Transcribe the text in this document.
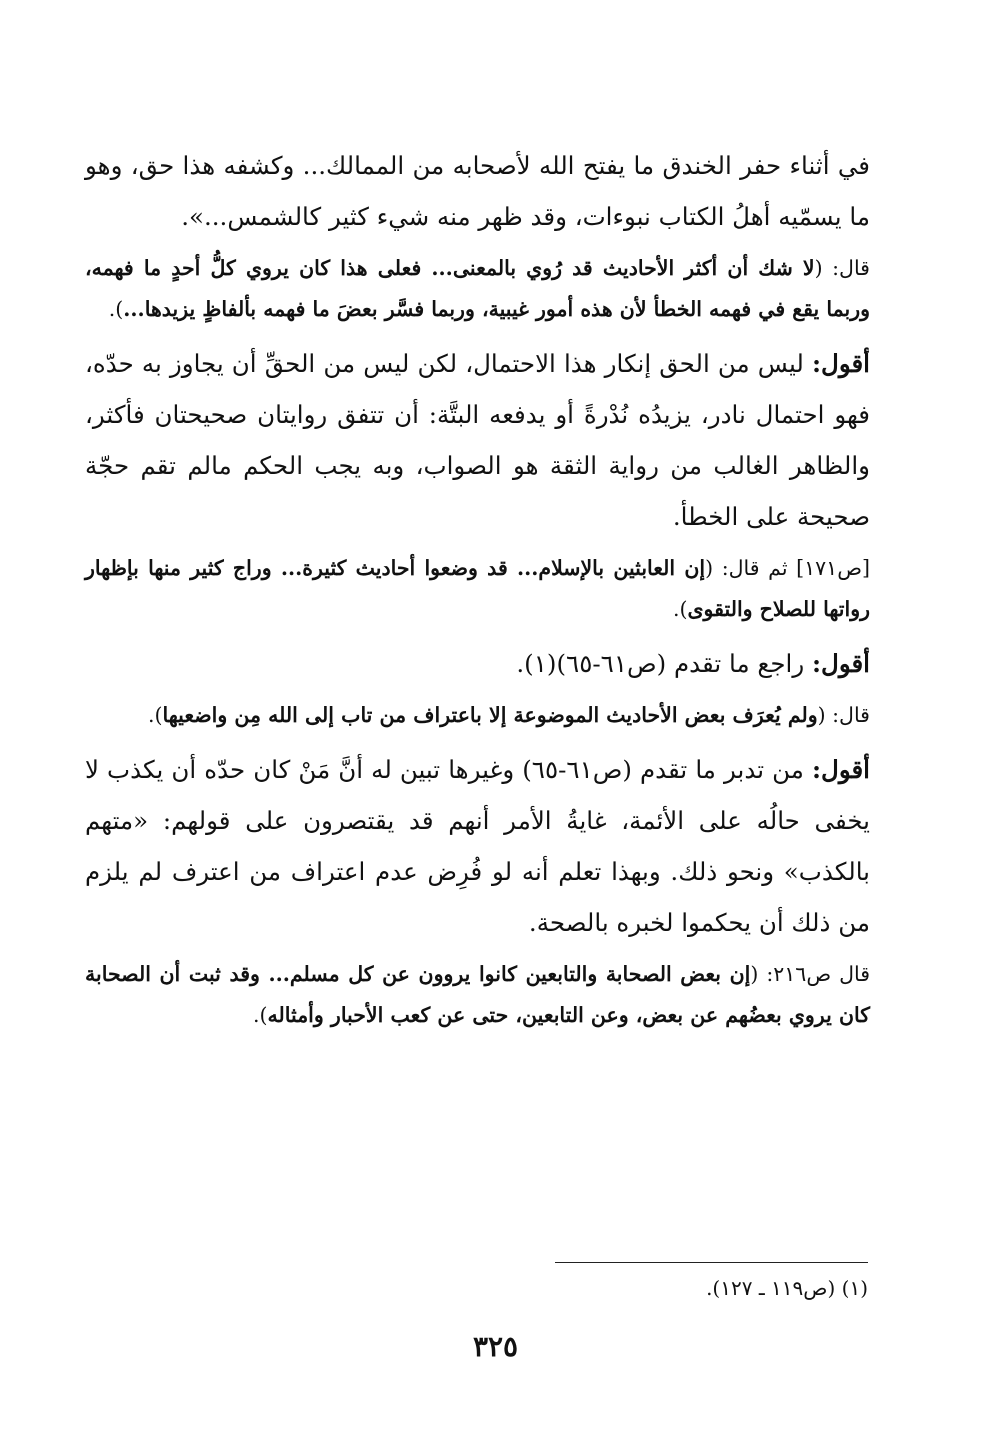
في أثناء حفر الخندق ما يفتح الله لأصحابه من الممالك... وكشفه هذا حق، وهو ما يسمّيه أهلُ الكتاب نبوءات، وقد ظهر منه شيء كثير كالشمس...».

قال: (لا شك أن أكثر الأحاديث قد رُوي بالمعنى... فعلى هذا كان يروي كلُّ أحدٍ ما فهمه، وربما يقع في فهمه الخطأ لأن هذه أمور غيبية، وربما فسَّر بعضَ ما فهمه بألفاظٍ يزيدها...).

أقول: ليس من الحق إنكار هذا الاحتمال، لكن ليس من الحقِّ أن يجاوز به حدّه، فهو احتمال نادر، يزيدُه نُدْرةً أو يدفعه البتَّة: أن تتفق روايتان صحيحتان فأكثر، والظاهر الغالب من رواية الثقة هو الصواب، وبه يجب الحكم مالم تقم حجّة صحيحة على الخطأ.

[ص١٧١] ثم قال: (إن العابثين بالإسلام... قد وضعوا أحاديث كثيرة... وراج كثير منها بإظهار رواتها للصلاح والتقوى).

أقول: راجع ما تقدم (ص٦١-٦٥)(١).

قال: (ولم يُعرَف بعض الأحاديث الموضوعة إلا باعتراف من تاب إلى الله مِن واضعيها).

أقول: من تدبر ما تقدم (ص٦١-٦٥) وغيرها تبين له أنَّ مَنْ كان حدّه أن يكذب لا يخفى حالُه على الأئمة، غايةُ الأمر أنهم قد يقتصرون على قولهم: «متهم بالكذب» ونحو ذلك. وبهذا تعلم أنه لو فُرِض عدم اعتراف من اعترف لم يلزم من ذلك أن يحكموا لخبره بالصحة.

قال ص٢١٦: (إن بعض الصحابة والتابعين كانوا يروون عن كل مسلم... وقد ثبت أن الصحابة كان يروي بعضُهم عن بعض، وعن التابعين، حتى عن كعب الأحبار وأمثاله).

(١) (ص١١٩ ـ ١٢٧).
٣٢٥
